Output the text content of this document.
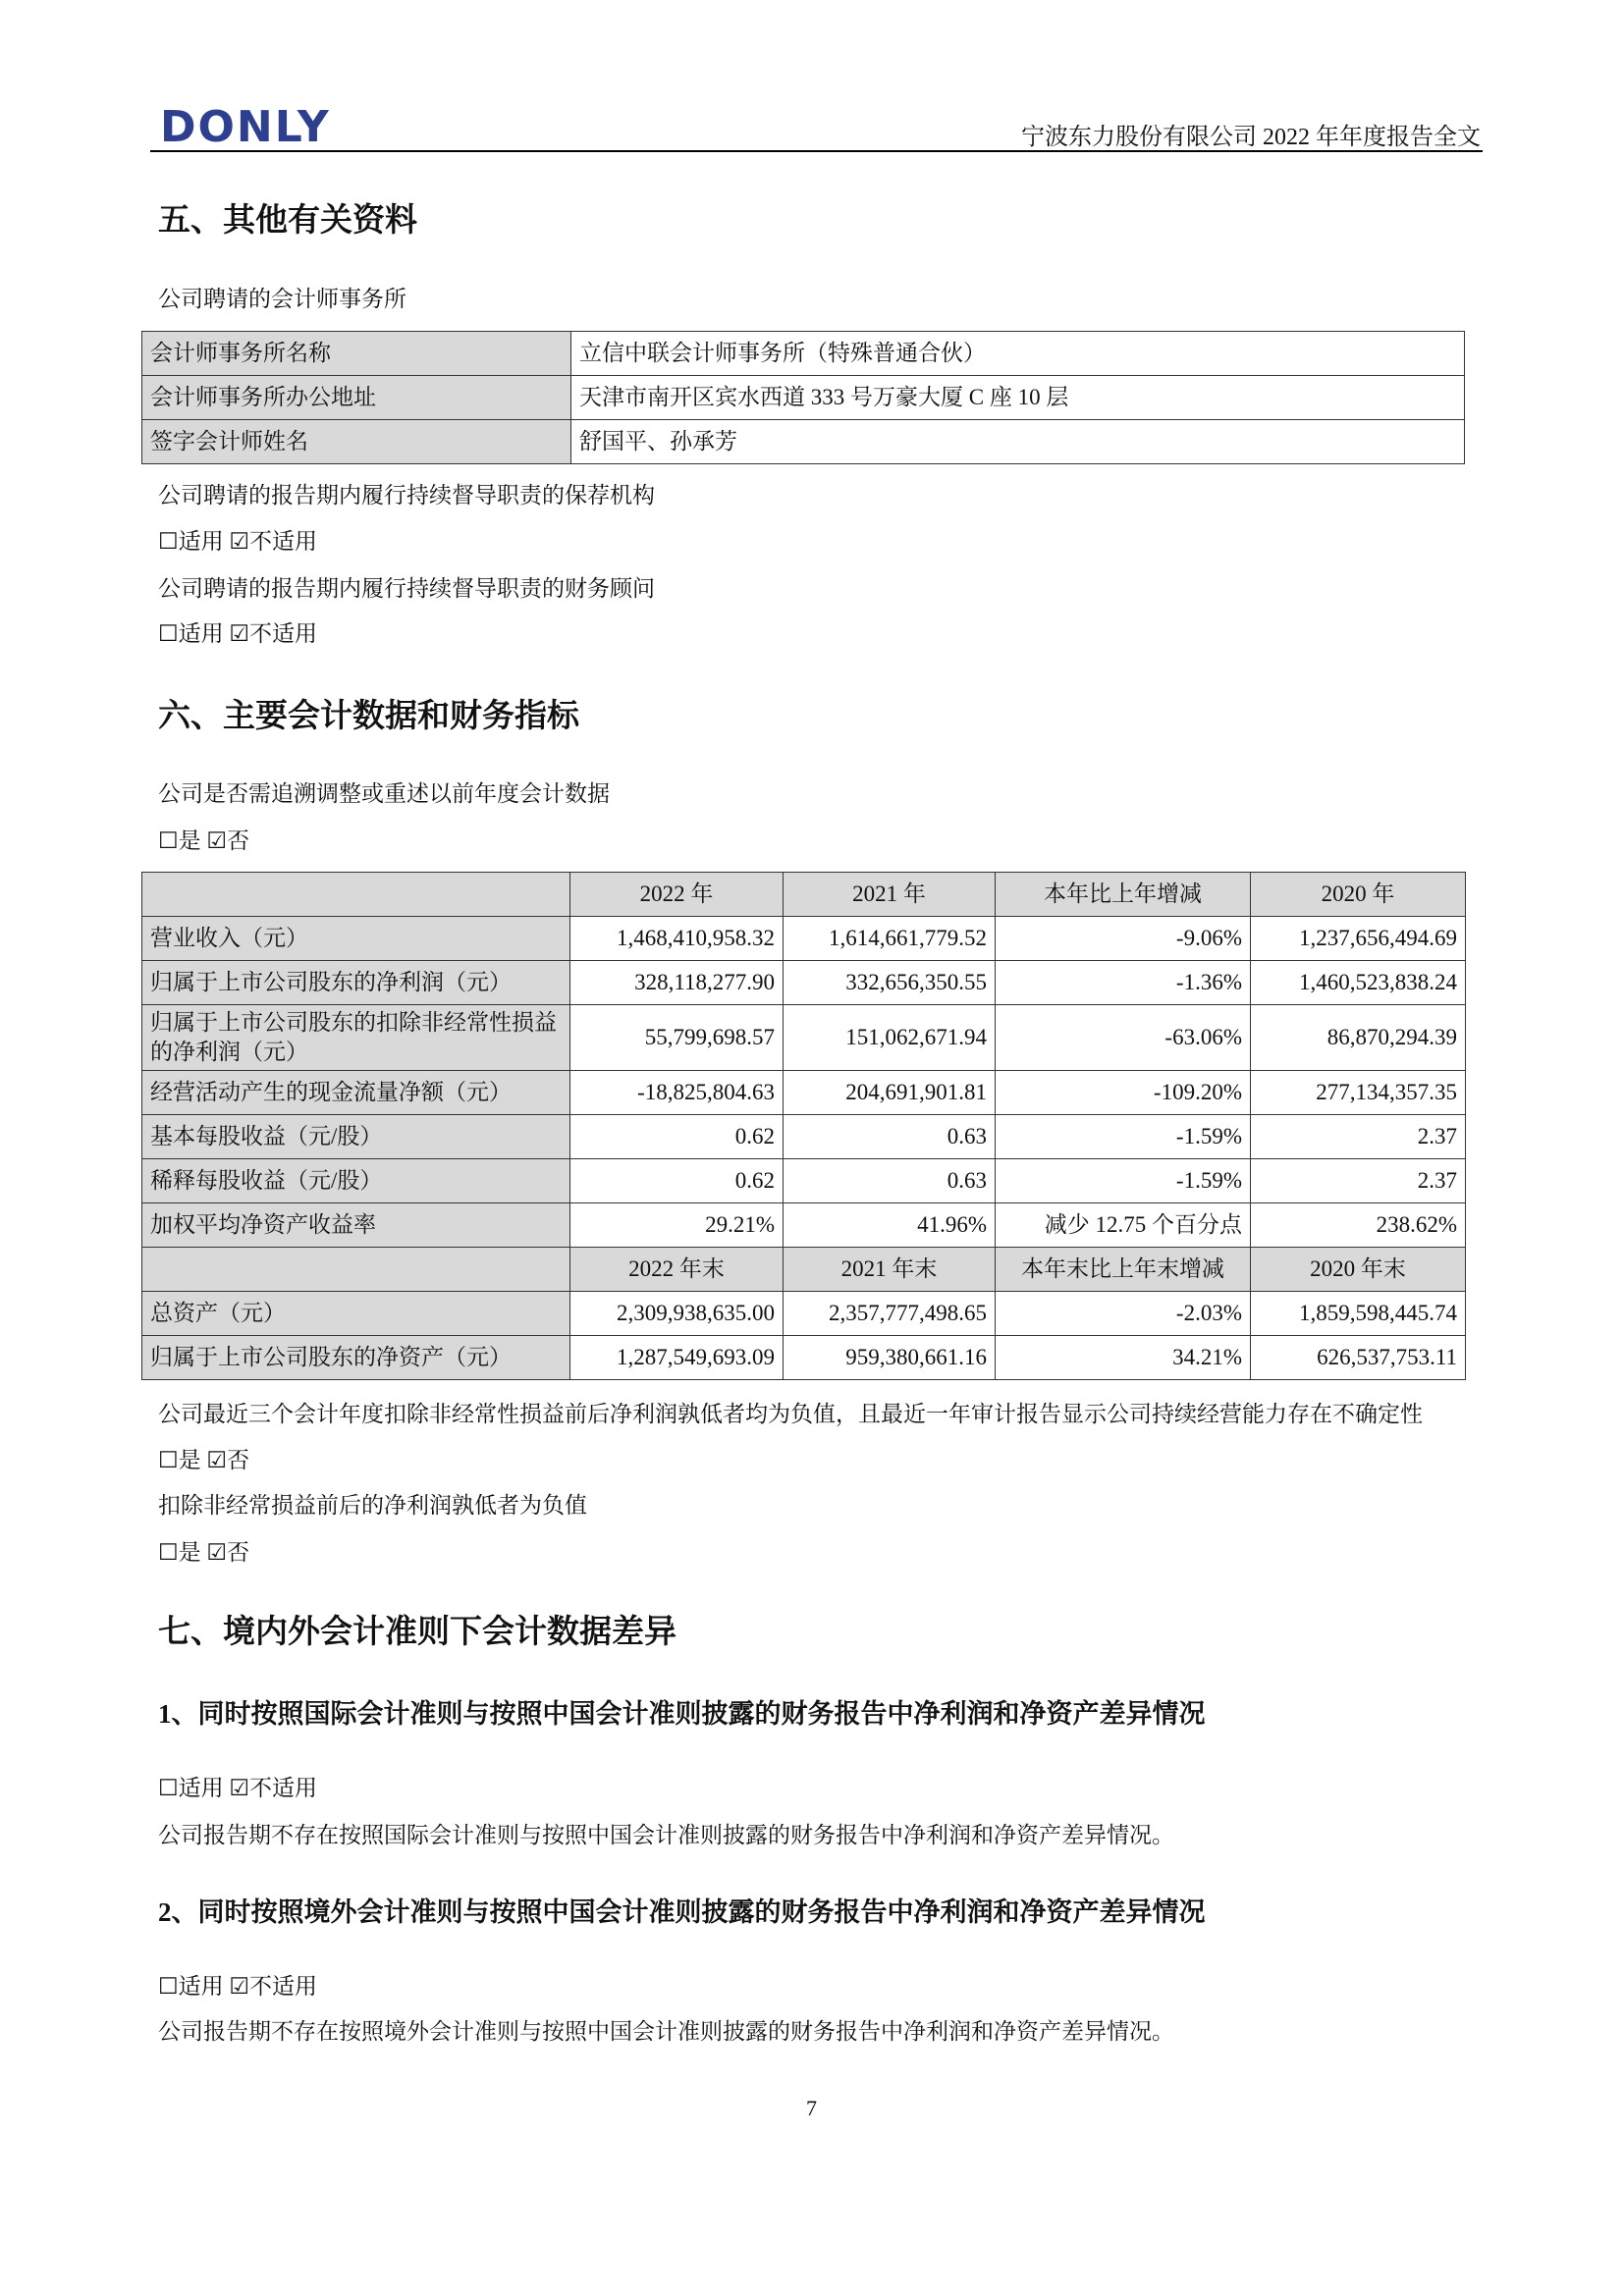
DONLY	宁波东力股份有限公司 2022 年年度报告全文
五、其他有关资料
公司聘请的会计师事务所
会计师事务所名称	立信中联会计师事务所（特殊普通合伙）
会计师事务所办公地址	天津市南开区宾水西道 333 号万豪大厦 C 座 10 层
签字会计师姓名	舒国平、孙承芳
公司聘请的报告期内履行持续督导职责的保荐机构
☐适用 ☑不适用
公司聘请的报告期内履行持续督导职责的财务顾问
☐适用 ☑不适用
六、主要会计数据和财务指标
公司是否需追溯调整或重述以前年度会计数据
☐是 ☑否
	2022 年	2021 年	本年比上年增减	2020 年
营业收入（元）	1,468,410,958.32	1,614,661,779.52	-9.06%	1,237,656,494.69
归属于上市公司股东的净利润（元）	328,118,277.90	332,656,350.55	-1.36%	1,460,523,838.24
归属于上市公司股东的扣除非经常性损益的净利润（元）	55,799,698.57	151,062,671.94	-63.06%	86,870,294.39
经营活动产生的现金流量净额（元）	-18,825,804.63	204,691,901.81	-109.20%	277,134,357.35
基本每股收益（元/股）	0.62	0.63	-1.59%	2.37
稀释每股收益（元/股）	0.62	0.63	-1.59%	2.37
加权平均净资产收益率	29.21%	41.96%	减少 12.75 个百分点	238.62%
	2022 年末	2021 年末	本年末比上年末增减	2020 年末
总资产（元）	2,309,938,635.00	2,357,777,498.65	-2.03%	1,859,598,445.74
归属于上市公司股东的净资产（元）	1,287,549,693.09	959,380,661.16	34.21%	626,537,753.11
公司最近三个会计年度扣除非经常性损益前后净利润孰低者均为负值，且最近一年审计报告显示公司持续经营能力存在不确定性
☐是 ☑否
扣除非经常损益前后的净利润孰低者为负值
☐是 ☑否
七、境内外会计准则下会计数据差异
1、同时按照国际会计准则与按照中国会计准则披露的财务报告中净利润和净资产差异情况
☐适用 ☑不适用
公司报告期不存在按照国际会计准则与按照中国会计准则披露的财务报告中净利润和净资产差异情况。
2、同时按照境外会计准则与按照中国会计准则披露的财务报告中净利润和净资产差异情况
☐适用 ☑不适用
公司报告期不存在按照境外会计准则与按照中国会计准则披露的财务报告中净利润和净资产差异情况。
7
